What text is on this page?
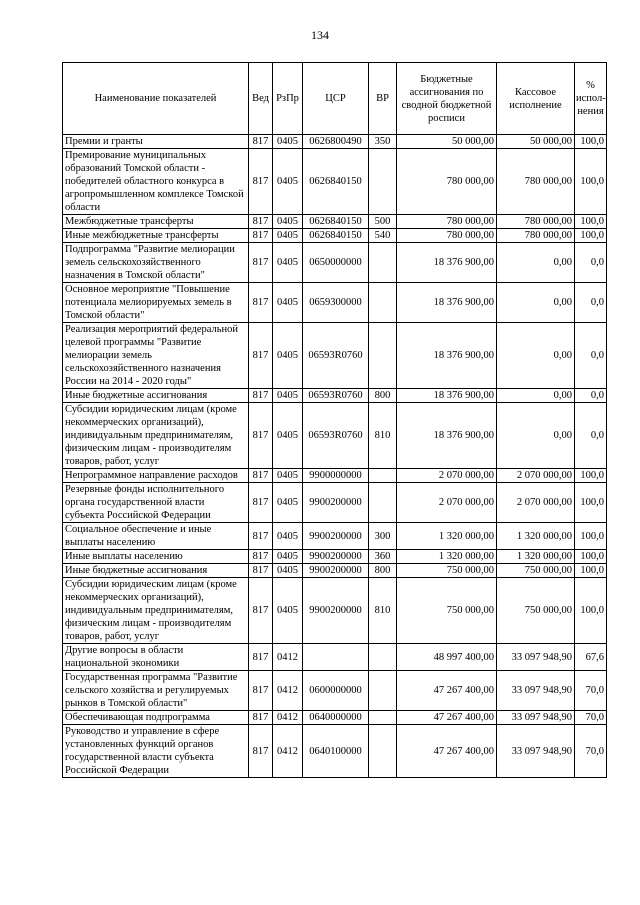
134
Наименование показателей	Вед	РзПр	ЦСР	ВР	Бюджетные ассигнования по сводной бюджетной росписи	Кассовое исполнение	% испол-нения
Премии и гранты	817	0405	0626800490	350	50 000,00	50 000,00	100,0
Премирование муниципальных образований Томской области - победителей областного конкурса в агропромышленном комплексе Томской области	817	0405	0626840150		780 000,00	780 000,00	100,0
Межбюджетные трансферты	817	0405	0626840150	500	780 000,00	780 000,00	100,0
Иные межбюджетные трансферты	817	0405	0626840150	540	780 000,00	780 000,00	100,0
Подпрограмма "Развитие мелиорации земель сельскохозяйственного назначения в Томской области"	817	0405	0650000000		18 376 900,00	0,00	0,0
Основное мероприятие "Повышение потенциала мелиорируемых земель в Томской области"	817	0405	0659300000		18 376 900,00	0,00	0,0
Реализация мероприятий федеральной целевой программы "Развитие мелиорации земель сельскохозяйственного назначения России на 2014 - 2020 годы"	817	0405	06593R0760		18 376 900,00	0,00	0,0
Иные бюджетные ассигнования	817	0405	06593R0760	800	18 376 900,00	0,00	0,0
Субсидии юридическим лицам (кроме некоммерческих организаций), индивидуальным предпринимателям, физическим лицам - производителям товаров, работ, услуг	817	0405	06593R0760	810	18 376 900,00	0,00	0,0
Непрограммное направление расходов	817	0405	9900000000		2 070 000,00	2 070 000,00	100,0
Резервные фонды исполнительного органа государственной власти субъекта Российской Федерации	817	0405	9900200000		2 070 000,00	2 070 000,00	100,0
Социальное обеспечение и иные выплаты населению	817	0405	9900200000	300	1 320 000,00	1 320 000,00	100,0
Иные выплаты населению	817	0405	9900200000	360	1 320 000,00	1 320 000,00	100,0
Иные бюджетные ассигнования	817	0405	9900200000	800	750 000,00	750 000,00	100,0
Субсидии юридическим лицам (кроме некоммерческих организаций), индивидуальным предпринимателям, физическим лицам - производителям товаров, работ, услуг	817	0405	9900200000	810	750 000,00	750 000,00	100,0
Другие вопросы в области национальной экономики	817	0412			48 997 400,00	33 097 948,90	67,6
Государственная программа "Развитие сельского хозяйства и регулируемых рынков в Томской области"	817	0412	0600000000		47 267 400,00	33 097 948,90	70,0
Обеспечивающая подпрограмма	817	0412	0640000000		47 267 400,00	33 097 948,90	70,0
Руководство и управление в сфере установленных функций органов государственной власти субъекта Российской Федерации	817	0412	0640100000		47 267 400,00	33 097 948,90	70,0
